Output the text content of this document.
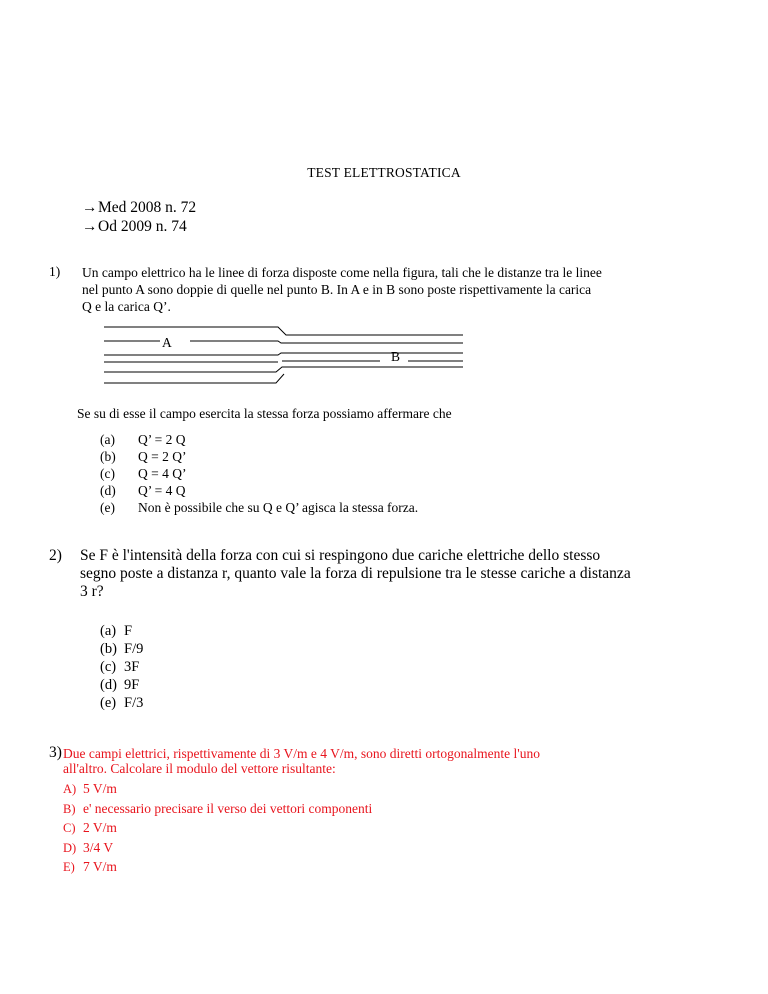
TEST ELETTROSTATICA
→Med 2008 n. 72
→Od 2009 n. 74
1) Un campo elettrico ha le linee di forza disposte come nella figura, tali che le distanze tra le linee
nel punto A sono doppie di quelle nel punto B. In A e in B sono poste rispettivamente la carica
Q e la carica Q’.
A
B
Se su di esse il campo esercita la stessa forza possiamo affermare che
(a) Q’ = 2 Q
(b) Q = 2 Q’
(c) Q = 4 Q’
(d) Q’ = 4 Q
(e) Non è possibile che su Q e Q’ agisca la stessa forza.
2) Se F è l'intensità della forza con cui si respingono due cariche elettriche dello stesso
segno poste a distanza r, quanto vale la forza di repulsione tra le stesse cariche a distanza
3 r?
(a) F
(b) F/9
(c) 3F
(d) 9F
(e) F/3
3) Due campi elettrici, rispettivamente di 3 V/m e 4 V/m, sono diretti ortogonalmente l'uno
all'altro. Calcolare il modulo del vettore risultante:
A) 5 V/m
B) e' necessario precisare il verso dei vettori componenti
C) 2 V/m
D) 3/4 V
E) 7 V/m
